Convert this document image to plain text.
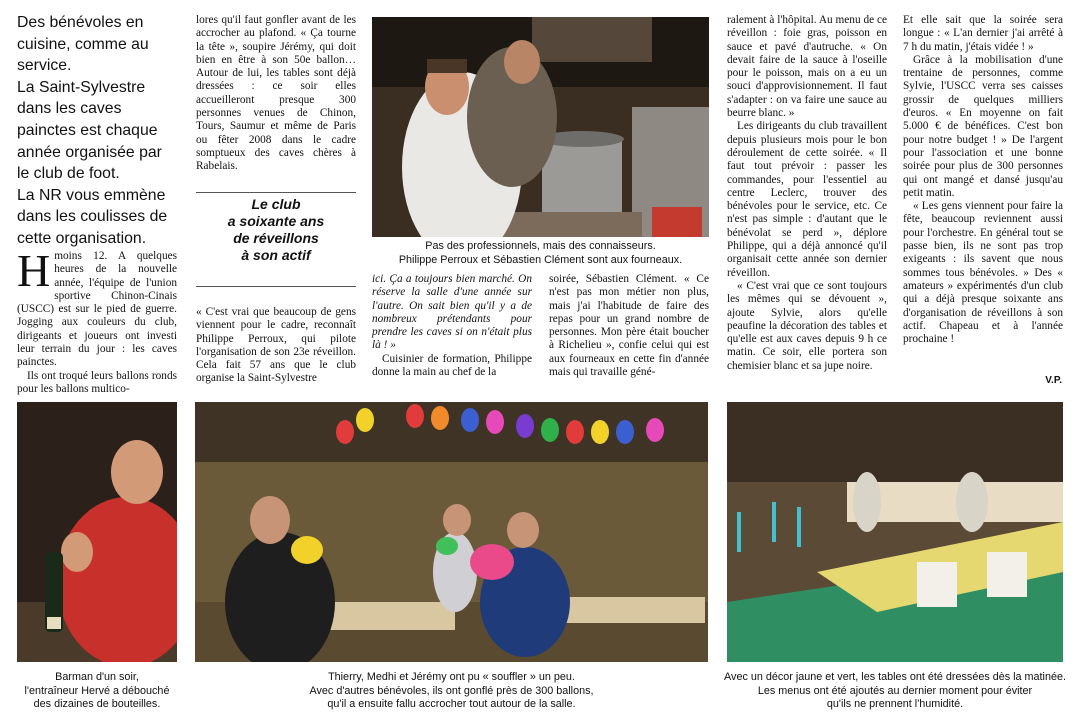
Des bénévoles en cuisine, comme au service.

La Saint-Sylvestre dans les caves painctes est chaque année organisée par le club de foot.

La NR vous emmène dans les coulisses de cette organisation.

Hmoins 12. A quelques heures de la nouvelle année, l'équipe de l'union sportive Chinon-Cinais (USCC) est sur le pied de guerre. Jogging aux couleurs du club, dirigeants et joueurs ont investi leur terrain du jour : les caves painctes.

Ils ont troqué leurs ballons ronds pour les ballons multico-

lores qu'il faut gonfler avant de les accrocher au plafond. « Ça tourne la tête », soupire Jérémy, qui doit bien en être à son 50e ballon… Autour de lui, les tables sont déjà dressées : ce soir elles accueilleront presque 300 personnes venues de Chinon, Tours, Saumur et même de Paris ou fêter 2008 dans le cadre somptueux des caves chères à Rabelais.

Le club

a soixante ans

de réveillons

à son actif

« C'est vrai que beaucoup de gens viennent pour le cadre, reconnaît Philippe Perroux, qui pilote l'organisation de son 23e réveillon. Cela fait 57 ans que le club organise la Saint-Sylvestre

Pas des professionnels, mais des connaisseurs.

Philippe Perroux et Sébastien Clément sont aux fourneaux.

ici. Ça a toujours bien marché. On réserve la salle d'une année sur l'autre. On sait bien qu'il y a de nombreux prétendants pour prendre les caves si on n'était plus là ! »

Cuisinier de formation, Philippe donne la main au chef de la

soirée, Sébastien Clément. « Ce n'est pas mon métier non plus, mais j'ai l'habitude de faire des repas pour un grand nombre de personnes. Mon père était boucher à Richelieu », confie celui qui est aux fourneaux en cette fin d'année mais qui travaille géné-

ralement à l'hôpital. Au menu de ce réveillon : foie gras, poisson en sauce et pavé d'autruche. « On devait faire de la sauce à l'oseille pour le poisson, mais on a eu un souci d'approvisionnement. Il faut s'adapter : on va faire une sauce au beurre blanc. »

Les dirigeants du club travaillent depuis plusieurs mois pour le bon déroulement de cette soirée. « Il faut tout prévoir : passer les commandes, pour l'essentiel au centre Leclerc, trouver des bénévoles pour le service, etc. Ce n'est pas simple : d'autant que le bénévolat se perd », déplore Philippe, qui a déjà annoncé qu'il organisait cette année son dernier réveillon.

« C'est vrai que ce sont toujours les mêmes qui se dévouent », ajoute Sylvie, alors qu'elle peaufine la décoration des tables et qu'elle est aux caves depuis 9 h ce matin. Ce soir, elle portera son chemisier blanc et sa jupe noire.

Et elle sait que la soirée sera longue : « L'an dernier j'ai arrêté à 7 h du matin, j'étais vidée ! »

Grâce à la mobilisation d'une trentaine de personnes, comme Sylvie, l'USCC verra ses caisses grossir de quelques milliers d'euros. « En moyenne on fait 5.000 € de bénéfices. C'est bon pour notre budget ! » De l'argent pour l'association et une bonne soirée pour plus de 300 personnes qui ont mangé et dansé jusqu'au petit matin.

« Les gens viennent pour faire la fête, beaucoup reviennent aussi pour l'orchestre. En général tout se passe bien, ils ne sont pas trop exigeants : ils savent que nous sommes tous bénévoles. » Des « amateurs » expérimentés d'un club qui a déjà presque soixante ans d'organisation de réveillons à son actif. Chapeau et à l'année prochaine !

V.P.

Barman d'un soir,

l'entraîneur Hervé a débouché

des dizaines de bouteilles.

Thierry, Medhi et Jérémy ont pu « souffler » un peu.

Avec d'autres bénévoles, ils ont gonflé près de 300 ballons,

qu'il a ensuite fallu accrocher tout autour de la salle.

Avec un décor jaune et vert, les tables ont été dressées dès la matinée.

Les menus ont été ajoutés au dernier moment pour éviter

qu'ils ne prennent l'humidité.
